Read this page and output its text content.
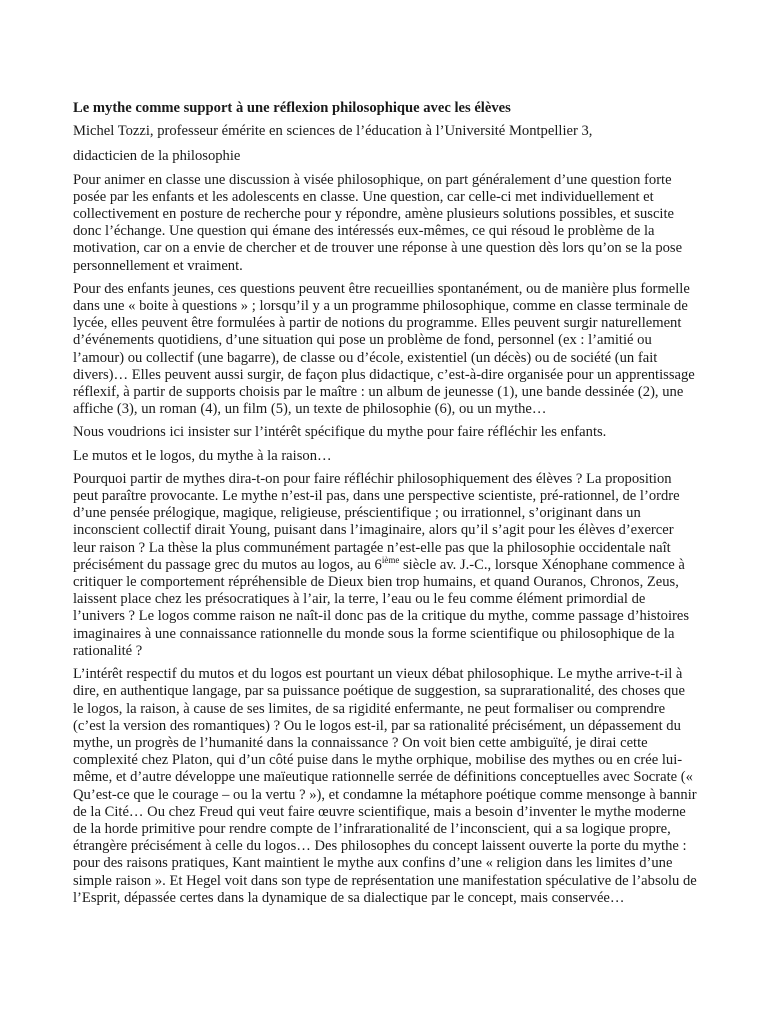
Le mythe comme support à une réflexion philosophique avec les élèves
Michel Tozzi, professeur émérite en sciences de l’éducation à l’Université Montpellier 3,
didacticien de la philosophie

Pour animer en classe une discussion à visée philosophique, on part généralement d’une question forte posée par les enfants et les adolescents en classe. Une question, car celle-ci met individuellement et collectivement en posture de recherche pour y répondre, amène plusieurs solutions possibles, et suscite donc l’échange. Une question qui émane des intéressés eux-mêmes, ce qui résoud le problème de la motivation, car on a envie de chercher et de trouver une réponse à une question dès lors qu’on se la pose personnellement et vraiment.

Pour des enfants jeunes, ces questions peuvent être recueillies spontanément, ou de manière plus formelle dans une « boite à questions » ; lorsqu’il y a un programme philosophique, comme en classe terminale de lycée, elles peuvent être formulées à partir de notions du programme. Elles peuvent surgir naturellement d’événements quotidiens, d’une situation qui pose un problème de fond, personnel (ex : l’amitié ou l’amour) ou collectif (une bagarre), de classe ou d’école, existentiel (un décès) ou de société (un fait divers)… Elles peuvent aussi surgir, de façon plus didactique, c’est-à-dire organisée pour un apprentissage réflexif, à partir de supports choisis par le maître : un album de jeunesse (1), une bande dessinée (2), une affiche (3), un roman (4), un film (5), un texte de philosophie (6), ou un mythe…

Nous voudrions ici insister sur l’intérêt spécifique du mythe pour faire réfléchir les enfants.

Le mutos et le logos, du mythe à la raison…

Pourquoi partir de mythes dira-t-on pour faire réfléchir philosophiquement des élèves ? La proposition peut paraître provocante. Le mythe n’est-il pas, dans une perspective scientiste, pré-rationnel, de l’ordre d’une pensée prélogique, magique, religieuse, préscientifique ; ou irrationnel, s’originant dans un inconscient collectif dirait Young, puisant dans l’imaginaire, alors qu’il s’agit pour les élèves d’exercer leur raison ? La thèse la plus communément partagée n’est-elle pas que la philosophie occidentale naît précisément du passage grec du mutos au logos, au 6ième siècle av. J.-C., lorsque Xénophane commence à critiquer le comportement répréhensible de Dieux bien trop humains, et quand Ouranos, Chronos, Zeus, laissent place chez les présocratiques à l’air, la terre, l’eau ou le feu comme élément primordial de l’univers ? Le logos comme raison ne naît-il donc pas de la critique du mythe, comme passage d’histoires imaginaires à une connaissance rationnelle du monde sous la forme scientifique ou philosophique de la rationalité ?

L’intérêt respectif du mutos et du logos est pourtant un vieux débat philosophique. Le mythe arrive-t-il à dire, en authentique langage, par sa puissance poétique de suggestion, sa suprarationalité, des choses que le logos, la raison, à cause de ses limites, de sa rigidité enfermante, ne peut formaliser ou comprendre (c’est la version des romantiques) ? Ou le logos est-il, par sa rationalité précisément, un dépassement du mythe, un progrès de l’humanité dans la connaissance ? On voit bien cette ambiguïté, je dirai cette complexité chez Platon, qui d’un côté puise dans le mythe orphique, mobilise des mythes ou en crée lui-même, et d’autre développe une maïeutique rationnelle serrée de définitions conceptuelles avec Socrate (« Qu’est-ce que le courage – ou la vertu ? »), et condamne la métaphore poétique comme mensonge à bannir de la Cité… Ou chez Freud qui veut faire œuvre scientifique, mais a besoin d’inventer le mythe moderne de la horde primitive pour rendre compte de l’infrarationalité de l’inconscient, qui a sa logique propre, étrangère précisément à celle du logos… Des philosophes du concept laissent ouverte la porte du mythe : pour des raisons pratiques, Kant maintient le mythe aux confins d’une « religion dans les limites d’une simple raison ». Et Hegel voit dans son type de représentation une manifestation spéculative de l’absolu de l’Esprit, dépassée certes dans la dynamique de sa dialectique par le concept, mais conservée…
